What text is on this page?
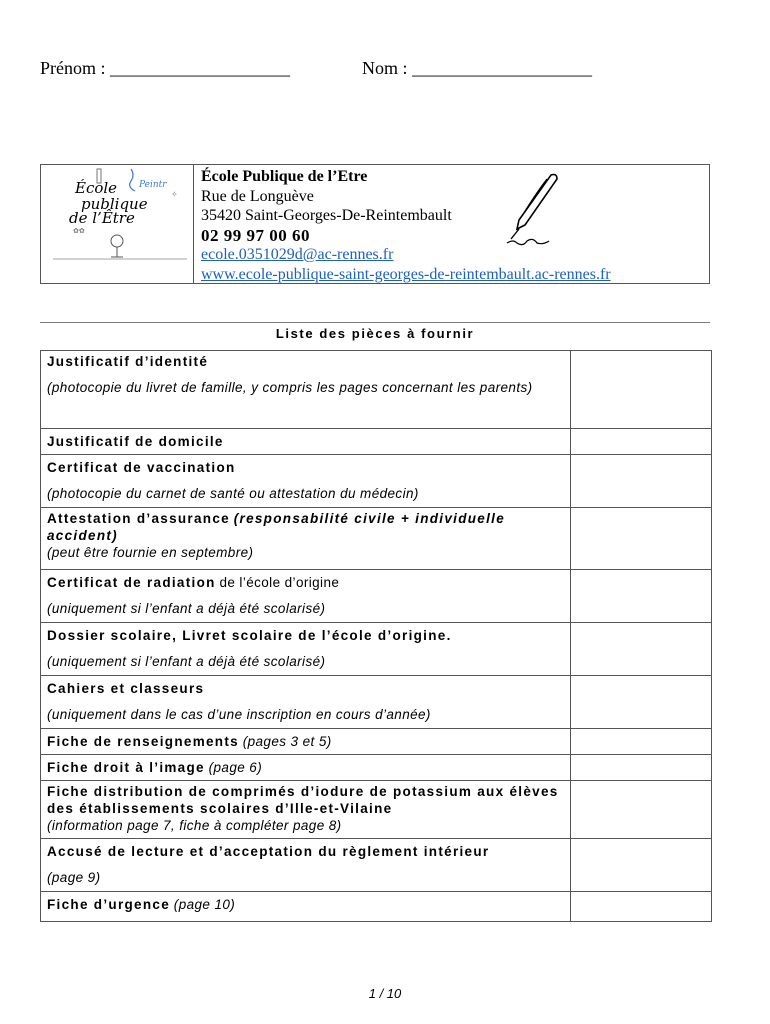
Prénom : ____________________	Nom : ____________________
Peintr
✧
École
publique
de l’Être
✿✿
École Publique de l’Etre
Rue de Longuève
35420 Saint-Georges-De-Reintembault
02 99 97 00 60
ecole.0351029d@ac-rennes.fr
www.ecole-publique-saint-georges-de-reintembault.ac-rennes.fr
Liste des pièces à fournir
Justificatif d’identité
(photocopie du livret de famille, y compris les pages concernant les parents)	

Justificatif de domicile	

Certificat de vaccination
(photocopie du carnet de santé ou attestation du médecin)	

Attestation d’assurance (responsabilité civile + individuelle accident)
(peut être fournie en septembre)	

Certificat de radiation de l’école d’origine
(uniquement si l’enfant a déjà été scolarisé)	

Dossier scolaire, Livret scolaire de l’école d’origine.
(uniquement si l’enfant a déjà été scolarisé)	

Cahiers et classeurs
(uniquement dans le cas d’une inscription en cours d’année)	

Fiche de renseignements (pages 3 et 5)	

Fiche droit à l’image (page 6)	

Fiche distribution de comprimés d’iodure de potassium aux élèves des établissements scolaires d’Ille-et-Vilaine
(information page 7, fiche à compléter page 8)	

Accusé de lecture et d’acceptation du règlement intérieur
(page 9)	

Fiche d’urgence (page 10)	

1 / 10
